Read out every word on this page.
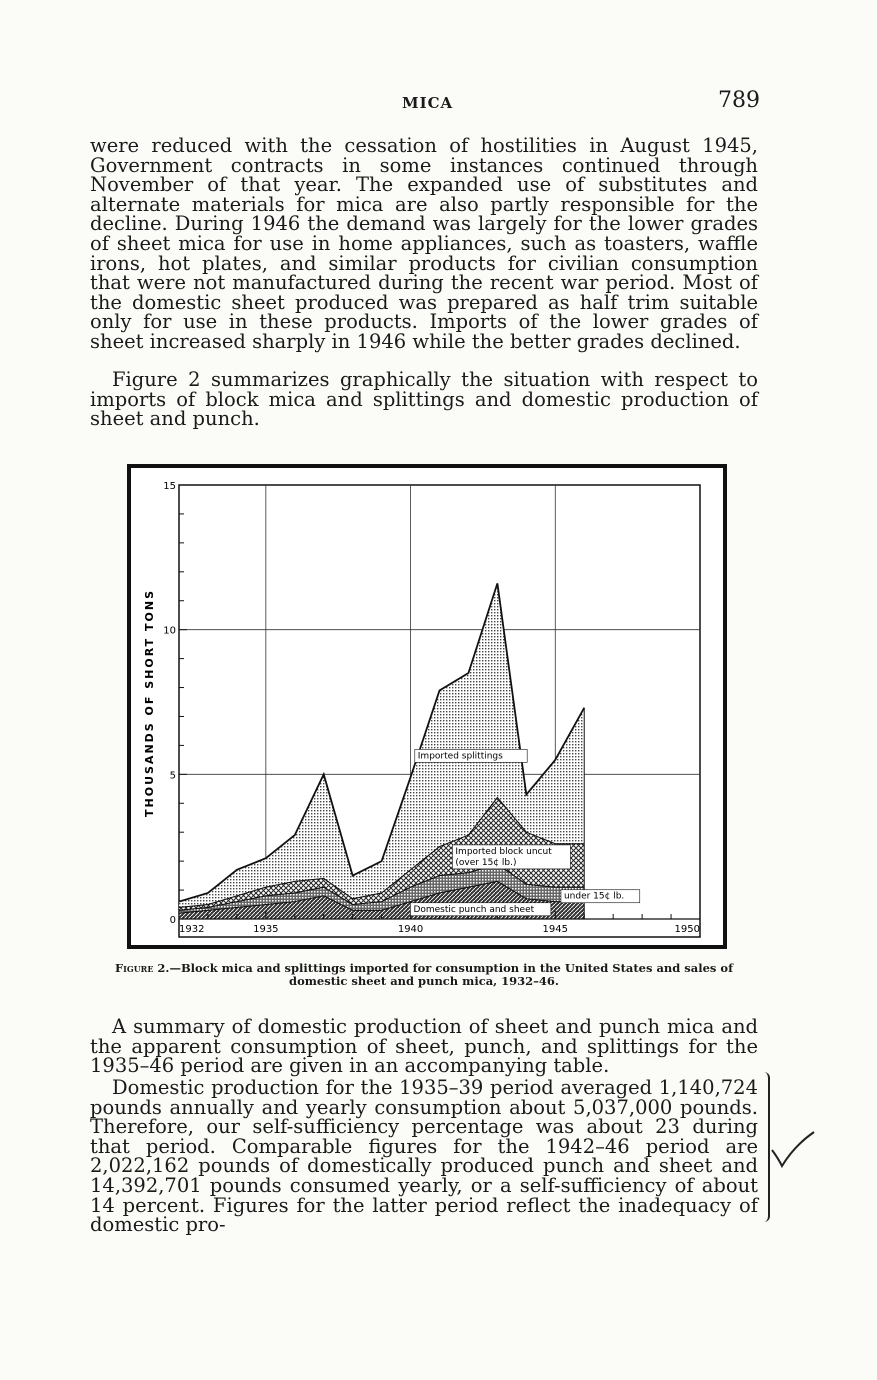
MICA	789

were reduced with the cessation of hostilities in August 1945, Government contracts in some instances continued through November of that year. The expanded use of substitutes and alternate materials for mica are also partly responsible for the decline. During 1946 the demand was largely for the lower grades of sheet mica for use in home appliances, such as toasters, waffle irons, hot plates, and similar products for civilian consumption that were not manufactured during the recent war period. Most of the domestic sheet produced was prepared as half trim suitable only for use in these products. Imports of the lower grades of sheet increased sharply in 1946 while the better grades declined.

Figure 2 summarizes graphically the situation with respect to imports of block mica and splittings and domestic production of sheet and punch.

0
5
10
15
1932	1935	1940	1945	1950
Imported splittings
Imported block uncut
(over 15¢ lb.)
under 15¢ lb.
Domestic punch and sheet
THOUSANDS OF SHORT TONS
Figure 2.—Block mica and splittings imported for consumption in the United States and sales of domestic sheet and punch mica, 1932–46.

A summary of domestic production of sheet and punch mica and the apparent consumption of sheet, punch, and splittings for the 1935–46 period are given in an accompanying table.

Domestic production for the 1935–39 period averaged 1,140,724 pounds annually and yearly consumption about 5,037,000 pounds. Therefore, our self-sufficiency percentage was about 23 during that period. Comparable figures for the 1942–46 period are 2,022,162 pounds of domestically produced punch and sheet and 14,392,701 pounds consumed yearly, or a self-sufficiency of about 14 percent. Figures for the latter period reflect the inadequacy of domestic pro-
